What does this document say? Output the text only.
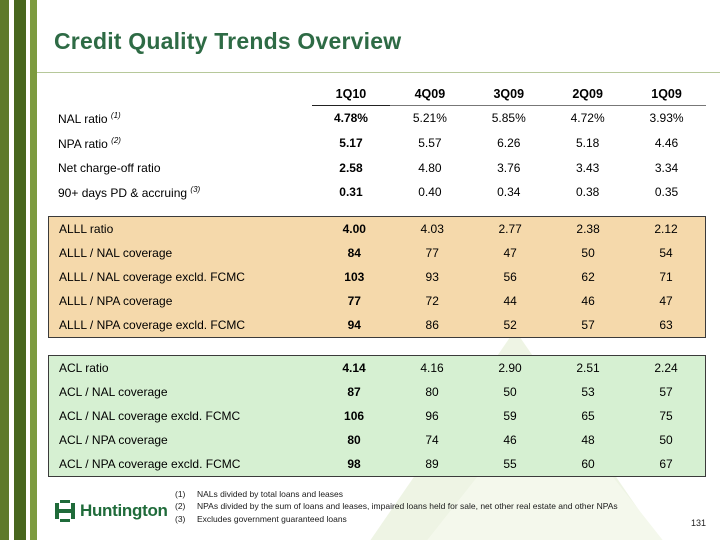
Credit Quality Trends Overview
	1Q10	4Q09	3Q09	2Q09	1Q09
NAL ratio $^{(1)}$	4.78%	5.21%	5.85%	4.72%	3.93%
NPA ratio $^{(2)}$	5.17	5.57	6.26	5.18	4.46
Net charge-off ratio	2.58	4.80	3.76	3.43	3.34
90+ days PD & accruing $^{(3)}$	0.31	0.40	0.34	0.38	0.35
ALLL ratio	4.00	4.03	2.77	2.38	2.12
ALLL / NAL coverage	84	77	47	50	54
ALLL / NAL coverage excld. FCMC	103	93	56	62	71
ALLL / NPA coverage	77	72	44	46	47
ALLL / NPA coverage excld. FCMC	94	86	52	57	63
ACL ratio	4.14	4.16	2.90	2.51	2.24
ACL / NAL coverage	87	80	50	53	57
ACL / NAL coverage excld. FCMC	106	96	59	65	75
ACL / NPA coverage	80	74	46	48	50
ACL / NPA coverage excld. FCMC	98	89	55	60	67
(1) NALs divided by total loans and leases
(2) NPAs divided by the sum of loans and leases, impaired loans held for sale, net other real estate and other NPAs
(3) Excludes government guaranteed loans
Huntington
131
